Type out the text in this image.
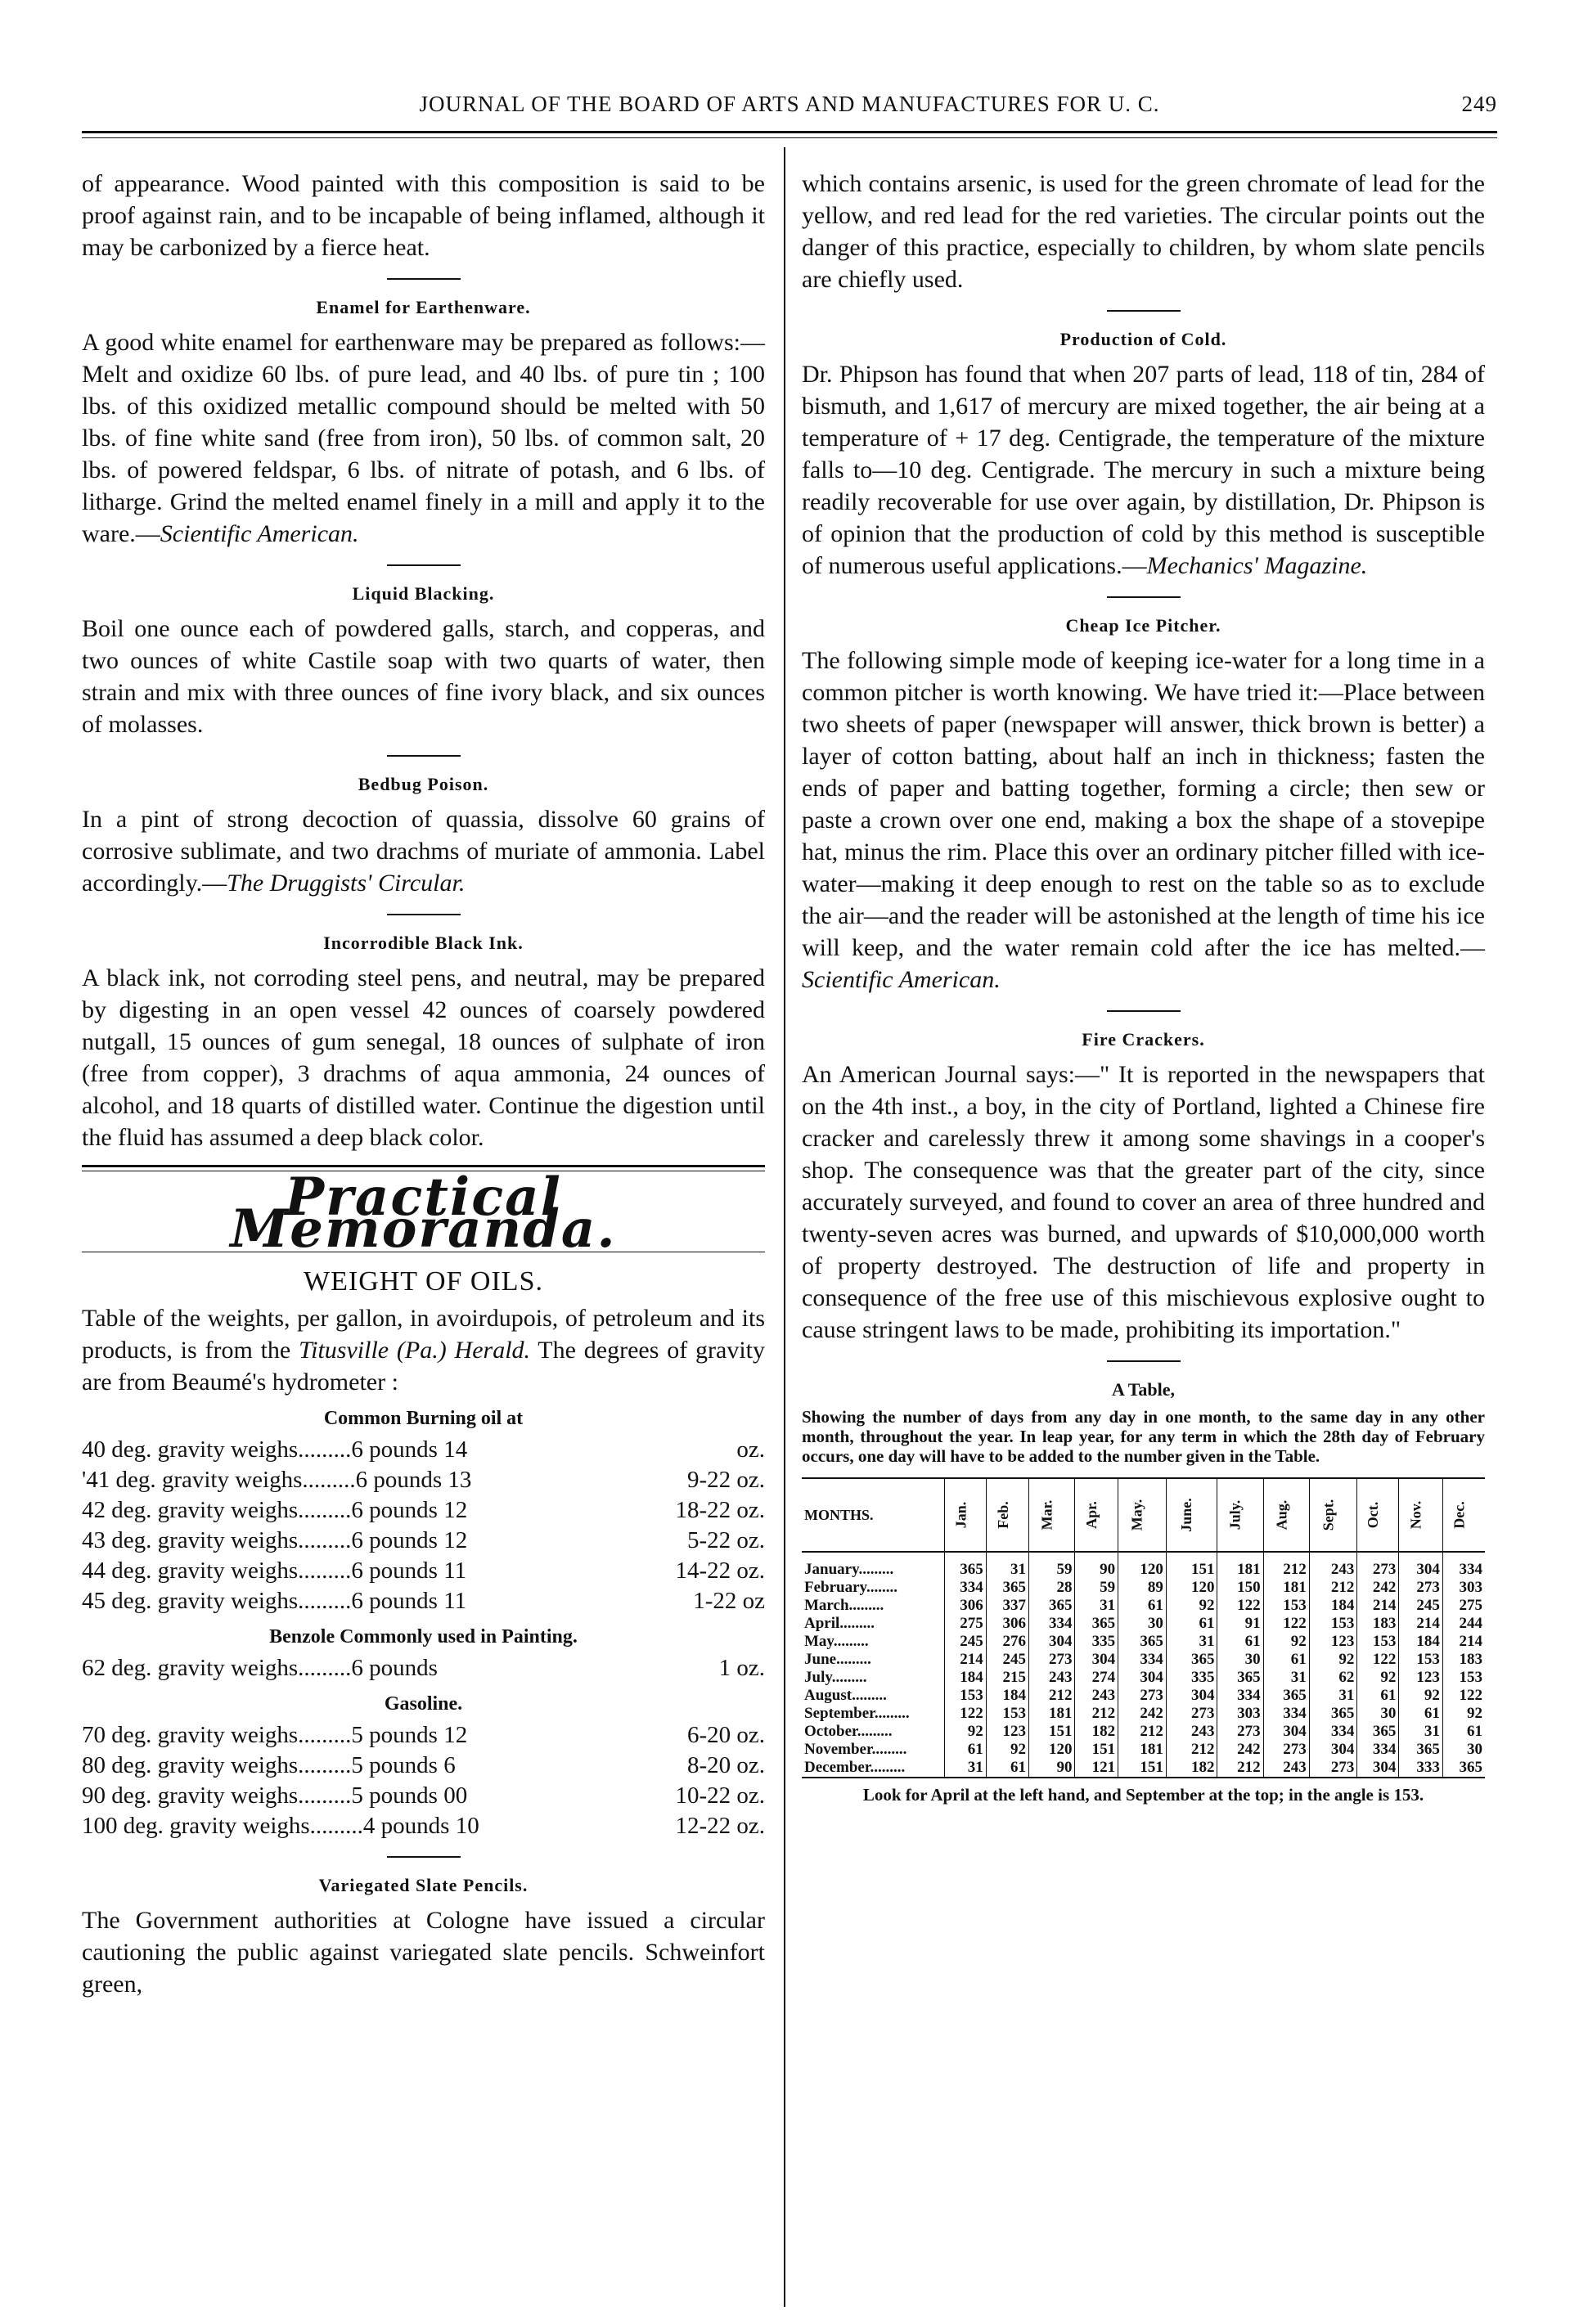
JOURNAL OF THE BOARD OF ARTS AND MANUFACTURES FOR U. C.	249

of appearance. Wood painted with this composition is said to be proof against rain, and to be incapable of being inflamed, although it may be carbonized by a fierce heat.

Enamel for Earthenware.

A good white enamel for earthenware may be prepared as follows:—Melt and oxidize 60 lbs. of pure lead, and 40 lbs. of pure tin ; 100 lbs. of this oxidized metallic compound should be melted with 50 lbs. of fine white sand (free from iron), 50 lbs. of common salt, 20 lbs. of powered feldspar, 6 lbs. of nitrate of potash, and 6 lbs. of litharge. Grind the melted enamel finely in a mill and apply it to the ware.—Scientific American.

Liquid Blacking.

Boil one ounce each of powdered galls, starch, and copperas, and two ounces of white Castile soap with two quarts of water, then strain and mix with three ounces of fine ivory black, and six ounces of molasses.

Bedbug Poison.

In a pint of strong decoction of quassia, dissolve 60 grains of corrosive sublimate, and two drachms of muriate of ammonia. Label accordingly.—The Druggists' Circular.

Incorrodible Black Ink.

A black ink, not corroding steel pens, and neutral, may be prepared by digesting in an open vessel 42 ounces of coarsely powdered nutgall, 15 ounces of gum senegal, 18 ounces of sulphate of iron (free from copper), 3 drachms of aqua ammonia, 24 ounces of alcohol, and 18 quarts of distilled water. Continue the digestion until the fluid has assumed a deep black color.

Practical Memoranda.
WEIGHT OF OILS.

Table of the weights, per gallon, in avoirdupois, of petroleum and its products, is from the Titusville (Pa.) Herald. The degrees of gravity are from Beaumé's hydrometer :

Common Burning oil at
40 deg. gravity weighs.........6 pounds 14	oz.
'41 deg. gravity weighs.........6 pounds 13	9-22 oz.
42 deg. gravity weighs.........6 pounds 12	18-22 oz.
43 deg. gravity weighs.........6 pounds 12	5-22 oz.
44 deg. gravity weighs.........6 pounds 11	14-22 oz.
45 deg. gravity weighs.........6 pounds 11	1-22 oz
Benzole Commonly used in Painting.
62 deg. gravity weighs.........6 pounds	1 oz.
Gasoline.
70 deg. gravity weighs.........5 pounds 12	6-20 oz.
80 deg. gravity weighs.........5 pounds 6	8-20 oz.
90 deg. gravity weighs.........5 pounds 00	10-22 oz.
100 deg. gravity weighs.........4 pounds 10	12-22 oz.
Variegated Slate Pencils.

The Government authorities at Cologne have issued a circular cautioning the public against variegated slate pencils. Schweinfort green,

which contains arsenic, is used for the green chromate of lead for the yellow, and red lead for the red varieties. The circular points out the danger of this practice, especially to children, by whom slate pencils are chiefly used.

Production of Cold.

Dr. Phipson has found that when 207 parts of lead, 118 of tin, 284 of bismuth, and 1,617 of mercury are mixed together, the air being at a temperature of + 17 deg. Centigrade, the temperature of the mixture falls to—10 deg. Centigrade. The mercury in such a mixture being readily recoverable for use over again, by distillation, Dr. Phipson is of opinion that the production of cold by this method is susceptible of numerous useful applications.—Mechanics' Magazine.

Cheap Ice Pitcher.

The following simple mode of keeping ice-water for a long time in a common pitcher is worth knowing. We have tried it:—Place between two sheets of paper (newspaper will answer, thick brown is better) a layer of cotton batting, about half an inch in thickness; fasten the ends of paper and batting together, forming a circle; then sew or paste a crown over one end, making a box the shape of a stovepipe hat, minus the rim. Place this over an ordinary pitcher filled with ice-water—making it deep enough to rest on the table so as to exclude the air—and the reader will be astonished at the length of time his ice will keep, and the water remain cold after the ice has melted.—Scientific American.

Fire Crackers.

An American Journal says:—" It is reported in the newspapers that on the 4th inst., a boy, in the city of Portland, lighted a Chinese fire cracker and carelessly threw it among some shavings in a cooper's shop. The consequence was that the greater part of the city, since accurately surveyed, and found to cover an area of three hundred and twenty-seven acres was burned, and upwards of $10,000,000 worth of property destroyed. The destruction of life and property in consequence of the free use of this mischievous explosive ought to cause stringent laws to be made, prohibiting its importation."

A Table,
Showing the number of days from any day in one month, to the same day in any other month, throughout the year. In leap year, for any term in which the 28th day of February occurs, one day will have to be added to the number given in the Table.
MONTHS.	Jan.	Feb.	Mar.	Apr.	May.	June.	July.	Aug.	Sept.	Oct.	Nov.	Dec.
January.........	365	31	59	90	120	151	181	212	243	273	304	334
February........	334	365	28	59	89	120	150	181	212	242	273	303
March.........	306	337	365	31	61	92	122	153	184	214	245	275
April.........	275	306	334	365	30	61	91	122	153	183	214	244
May.........	245	276	304	335	365	31	61	92	123	153	184	214
June.........	214	245	273	304	334	365	30	61	92	122	153	183
July.........	184	215	243	274	304	335	365	31	62	92	123	153
August.........	153	184	212	243	273	304	334	365	31	61	92	122
September.........	122	153	181	212	242	273	303	334	365	30	61	92
October.........	92	123	151	182	212	243	273	304	334	365	31	61
November.........	61	92	120	151	181	212	242	273	304	334	365	30
December.........	31	61	90	121	151	182	212	243	273	304	333	365
Look for April at the left hand, and September at the top; in the angle is 153.
